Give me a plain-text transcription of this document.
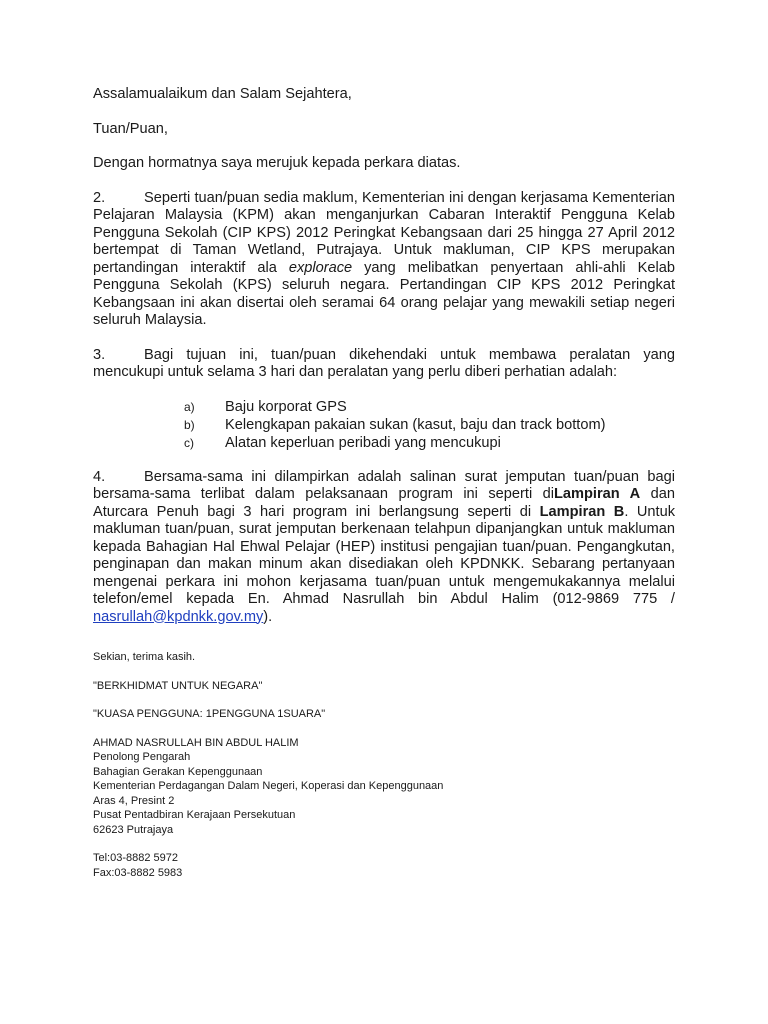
Assalamualaikum dan Salam Sejahtera,

Tuan/Puan,

Dengan hormatnya saya merujuk kepada perkara diatas.

2.	Seperti tuan/puan sedia maklum, Kementerian ini dengan kerjasama Kementerian Pelajaran Malaysia (KPM) akan menganjurkan Cabaran Interaktif Pengguna Kelab Pengguna Sekolah (CIP KPS) 2012 Peringkat Kebangsaan dari 25 hingga 27 April 2012 bertempat di Taman Wetland, Putrajaya. Untuk makluman, CIP KPS merupakan pertandingan interaktif ala explorace yang melibatkan penyertaan ahli-ahli Kelab Pengguna Sekolah (KPS) seluruh negara. Pertandingan CIP KPS 2012 Peringkat Kebangsaan ini akan disertai oleh seramai 64 orang pelajar yang mewakili setiap negeri seluruh Malaysia.

3.	Bagi tujuan ini, tuan/puan dikehendaki untuk membawa peralatan yang mencukupi untuk selama 3 hari dan peralatan yang perlu diberi perhatian adalah:

a) Baju korporat GPS
b) Kelengkapan pakaian sukan (kasut, baju dan track bottom)
c) Alatan keperluan peribadi yang mencukupi

4.	Bersama-sama ini dilampirkan adalah salinan surat jemputan tuan/puan bagi bersama-sama terlibat dalam pelaksanaan program ini seperti diLampiran A dan Aturcara Penuh bagi 3 hari program ini berlangsung seperti di Lampiran B. Untuk makluman tuan/puan, surat jemputan berkenaan telahpun dipanjangkan untuk makluman kepada Bahagian Hal Ehwal Pelajar (HEP) institusi pengajian tuan/puan. Pengangkutan, penginapan dan makan minum akan disediakan oleh KPDNKK. Sebarang pertanyaan mengenai perkara ini mohon kerjasama tuan/puan untuk mengemukakannya melalui telefon/emel kepada En. Ahmad Nasrullah bin Abdul Halim (012-9869 775 / nasrullah@kpdnkk.gov.my).

Sekian, terima kasih.

"BERKHIDMAT UNTUK NEGARA"

"KUASA PENGGUNA: 1PENGGUNA 1SUARA"

AHMAD NASRULLAH BIN ABDUL HALIM

Penolong Pengarah

Bahagian Gerakan Kepenggunaan

Kementerian Perdagangan Dalam Negeri, Koperasi dan Kepenggunaan

Aras 4, Presint 2

Pusat Pentadbiran Kerajaan Persekutuan

62623 Putrajaya

Tel:03-8882 5972

Fax:03-8882 5983
